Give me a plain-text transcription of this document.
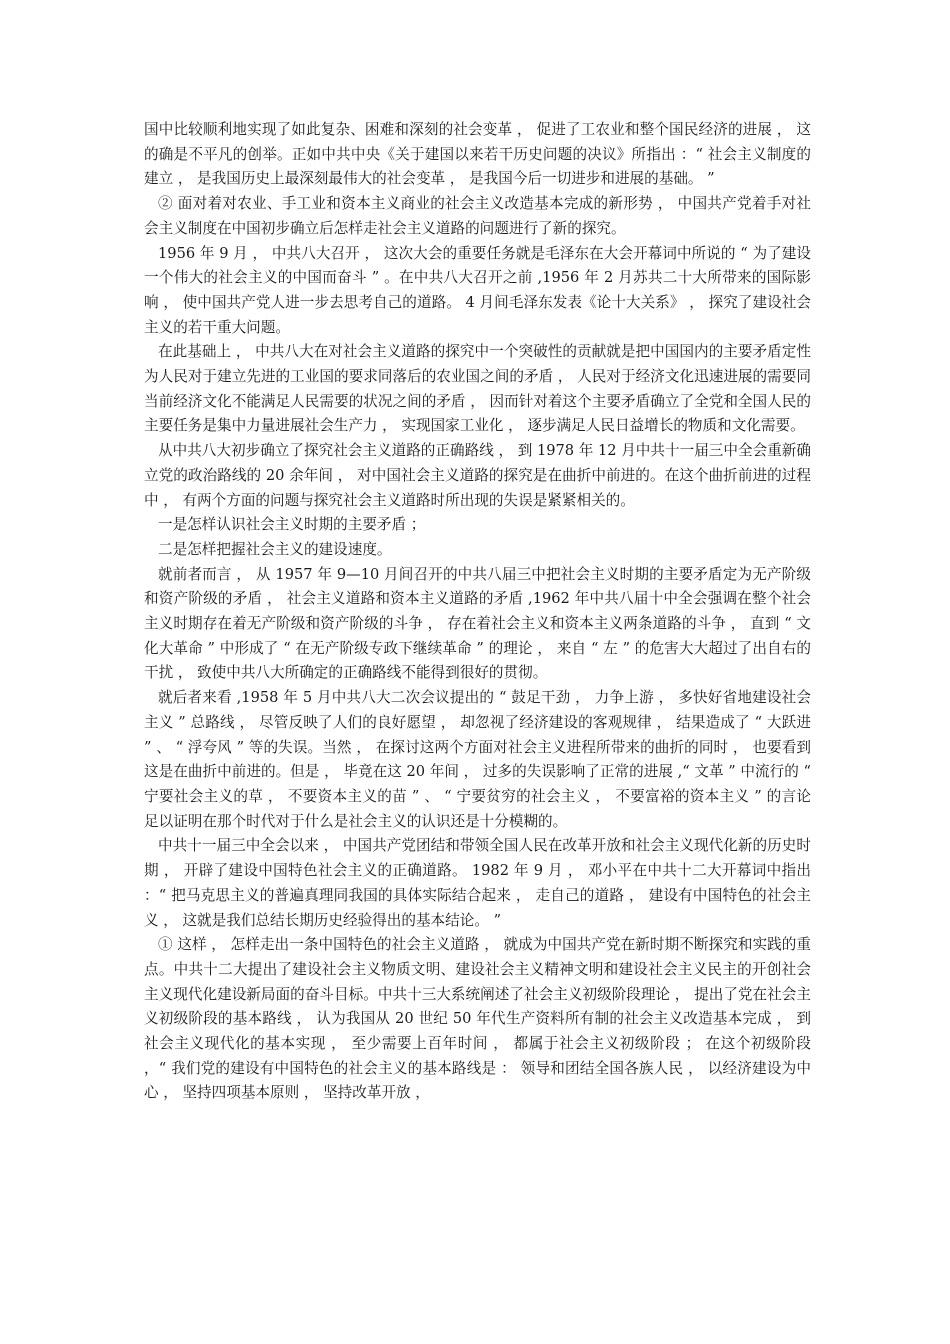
国中比较顺利地实现了如此复杂、困难和深刻的社会变革 ， 促进了工农业和整个国民经济的进展 ， 这的确是不平凡的创举。正如中共中央《关于建国以来若干历史问题的决议》所指出 ：“ 社会主义制度的建立 ， 是我国历史上最深刻最伟大的社会变革 ， 是我国今后一切进步和进展的基础。 ”

② 面对着对农业、手工业和资本主义商业的社会主义改造基本完成的新形势 ， 中国共产党着手对社会主义制度在中国初步确立后怎样走社会主义道路的问题进行了新的探究。

1956 年 9 月 ， 中共八大召开 ， 这次大会的重要任务就是毛泽东在大会开幕词中所说的 “ 为了建设一个伟大的社会主义的中国而奋斗 ” 。在中共八大召开之前 ,1956 年 2 月苏共二十大所带来的国际影响 ， 使中国共产党人进一步去思考自己的道路。 4 月间毛泽东发表《论十大关系》 ， 探究了建设社会主义的若干重大问题。

在此基础上 ， 中共八大在对社会主义道路的探究中一个突破性的贡献就是把中国国内的主要矛盾定性为人民对于建立先进的工业国的要求同落后的农业国之间的矛盾 ， 人民对于经济文化迅速进展的需要同当前经济文化不能满足人民需要的状况之间的矛盾 ， 因而针对着这个主要矛盾确立了全党和全国人民的主要任务是集中力量进展社会生产力 ， 实现国家工业化 ， 逐步满足人民日益增长的物质和文化需要。

从中共八大初步确立了探究社会主义道路的正确路线 ， 到 1978 年 12 月中共十一届三中全会重新确立党的政治路线的 20 余年间 ， 对中国社会主义道路的探究是在曲折中前进的。在这个曲折前进的过程中 ， 有两个方面的问题与探究社会主义道路时所出现的失误是紧紧相关的。

一是怎样认识社会主义时期的主要矛盾 ；

二是怎样把握社会主义的建设速度。

就前者而言 ， 从 1957 年 9—10 月间召开的中共八届三中把社会主义时期的主要矛盾定为无产阶级和资产阶级的矛盾 ， 社会主义道路和资本主义道路的矛盾 ,1962 年中共八届十中全会强调在整个社会主义时期存在着无产阶级和资产阶级的斗争 ， 存在着社会主义和资本主义两条道路的斗争 ， 直到 “ 文化大革命 ” 中形成了 “ 在无产阶级专政下继续革命 ” 的理论 ， 来自 “ 左 ” 的危害大大超过了出自右的干扰 ， 致使中共八大所确定的正确路线不能得到很好的贯彻。

就后者来看 ,1958 年 5 月中共八大二次会议提出的 “ 鼓足干劲 ， 力争上游 ， 多快好省地建设社会主义 ” 总路线 ， 尽管反映了人们的良好愿望 ， 却忽视了经济建设的客观规律 ， 结果造成了 “ 大跃进 ” 、 “ 浮夸风 ” 等的失误。当然 ， 在探讨这两个方面对社会主义进程所带来的曲折的同时 ， 也要看到这是在曲折中前进的。但是 ， 毕竟在这 20 年间 ， 过多的失误影响了正常的进展 ,“ 文革 ” 中流行的 “ 宁要社会主义的草 ， 不要资本主义的苗 ” 、 “ 宁要贫穷的社会主义 ， 不要富裕的资本主义 ” 的言论足以证明在那个时代对于什么是社会主义的认识还是十分模糊的。

中共十一届三中全会以来 ， 中国共产党团结和带领全国人民在改革开放和社会主义现代化新的历史时期 ， 开辟了建设中国特色社会主义的正确道路。 1982 年 9 月 ， 邓小平在中共十二大开幕词中指出 ：“ 把马克思主义的普遍真理同我国的具体实际结合起来 ， 走自己的道路 ， 建设有中国特色的社会主义 ， 这就是我们总结长期历史经验得出的基本结论。 ”

① 这样 ， 怎样走出一条中国特色的社会主义道路 ， 就成为中国共产党在新时期不断探究和实践的重点。中共十二大提出了建设社会主义物质文明、建设社会主义精神文明和建设社会主义民主的开创社会主义现代化建设新局面的奋斗目标。中共十三大系统阐述了社会主义初级阶段理论 ， 提出了党在社会主义初级阶段的基本路线 ， 认为我国从 20 世纪 50 年代生产资料所有制的社会主义改造基本完成 ， 到社会主义现代化的基本实现 ， 至少需要上百年时间 ， 都属于社会主义初级阶段 ； 在这个初级阶段 ，“ 我们党的建设有中国特色的社会主义的基本路线是 ： 领导和团结全国各族人民 ， 以经济建设为中心 ， 坚持四项基本原则 ， 坚持改革开放 ，
